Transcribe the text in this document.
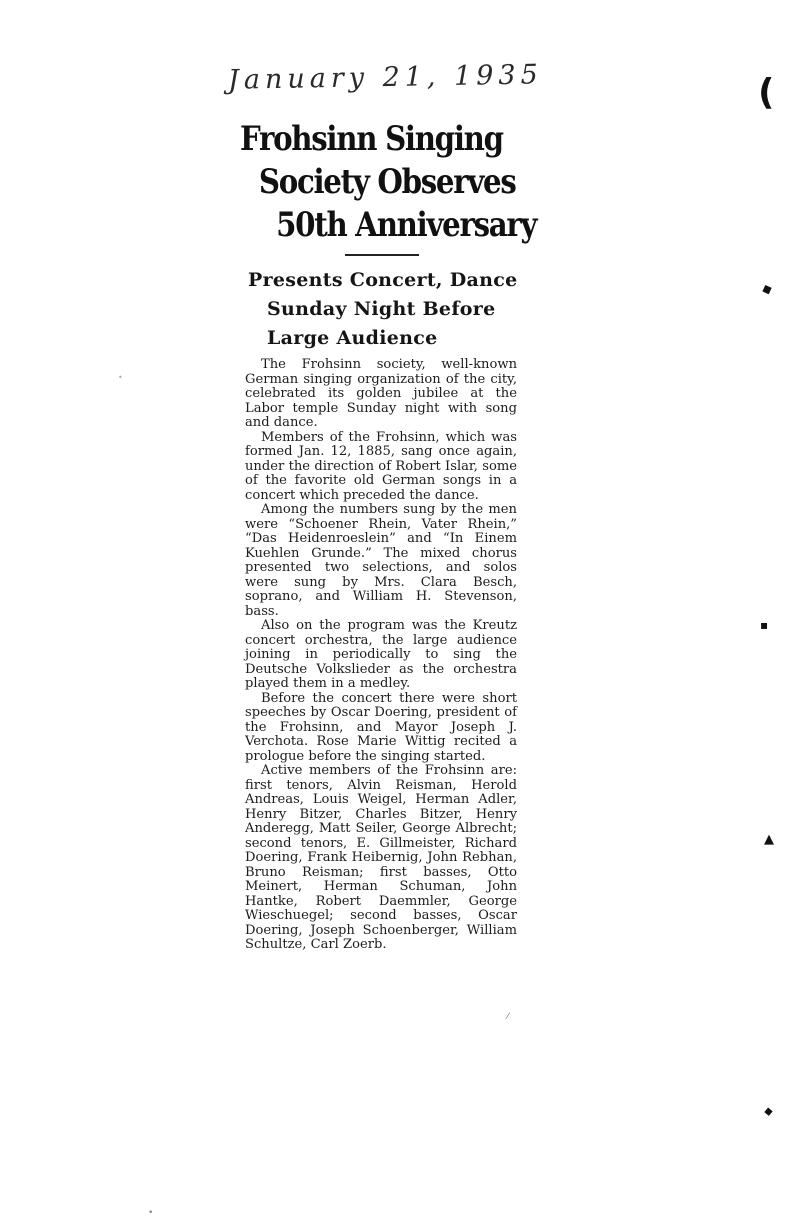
January 21, 1935
Frohsinn Singing
Society Observes
50th Anniversary
Presents Concert, Dance
Sunday Night Before
Large Audience

The Frohsinn society, well-known German singing organization of the city, celebrated its golden jubilee at the Labor temple Sunday night with song and dance.

Members of the Frohsinn, which was formed Jan. 12, 1885, sang once again, under the direction of Robert Islar, some of the favorite old German songs in a concert which preceded the dance.

Among the numbers sung by the men were “Schoener Rhein, Vater Rhein,” “Das Heidenroeslein” and “In Einem Kuehlen Grunde.” The mixed chorus presented two selections, and solos were sung by Mrs. Clara Besch, soprano, and William H. Stevenson, bass.

Also on the program was the Kreutz concert orchestra, the large audience joining in periodically to sing the Deutsche Volkslieder as the orchestra played them in a medley.

Before the concert there were short speeches by Oscar Doering, president of the Frohsinn, and Mayor Joseph J. Verchota. Rose Marie Wittig recited a prologue before the singing started.

Active members of the Frohsinn are: first tenors, Alvin Reisman, Herold Andreas, Louis Weigel, Herman Adler, Henry Bitzer, Charles Bitzer, Henry Anderegg, Matt Seiler, George Albrecht; second tenors, E. Gillmeister, Richard Doering, Frank Heibernig, John Rebhan, Bruno Reisman; first basses, Otto Meinert, Herman Schuman, John Hantke, Robert Daemmler, George Wieschuegel; second basses, Oscar Doering, Joseph Schoenberger, William Schultze, Carl Zoerb.

(
◆
▪
▲
▪
•
•
⁄
